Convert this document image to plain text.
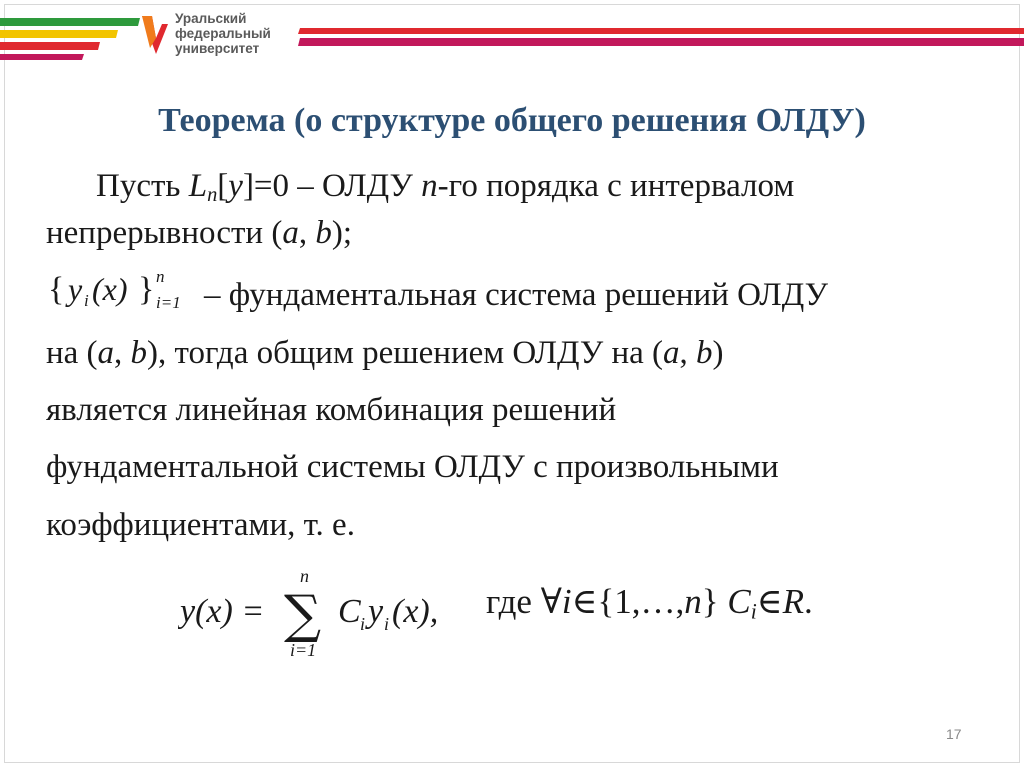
Уральский
федеральный
университет
Теорема (о структуре общего решения ОЛДУ)
Пусть $L_n[y]=0$ – ОЛДУ n-го порядка с интервалом
непрерывности (a, b);
{ y i (x) } n
i=1 – фундаментальная система решений ОЛДУ
на (a, b), тогда общим решением ОЛДУ на (a, b)
является линейная комбинация решений
фундаментальной системы ОЛДУ с произвольными
коэффициентами, т. е.
y(x) =
n
∑
i=1
C i y i (x), где ∀i∈{1,…,n} $C_i\in R$.
17
